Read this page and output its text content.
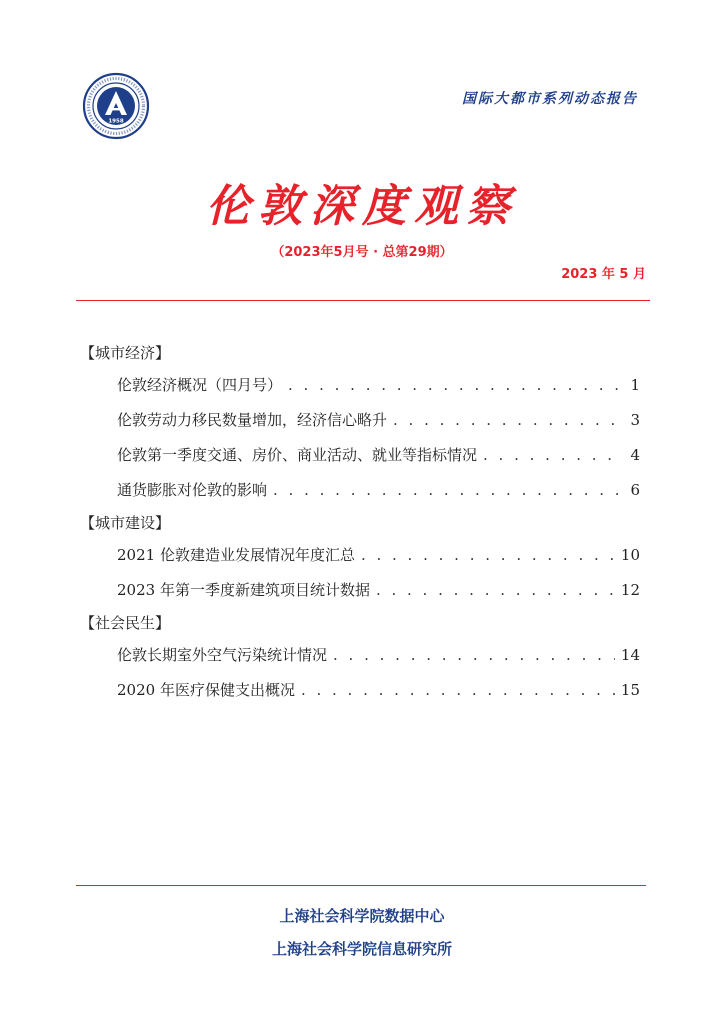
1958
国际大都市系列动态报告
伦敦深度观察
（2023年5月号 · 总第29期）
2023 年 5 月
【城市经济】
伦敦经济概况（四月号） . . .	1
伦敦劳动力移民数量增加，经济信心略升 . . .	3
伦敦第一季度交通、房价、商业活动、就业等指标情况 . . .	4
通货膨胀对伦敦的影响 . . .	6
【城市建设】
2021 伦敦建造业发展情况年度汇总 . . .	10
2023 年第一季度新建筑项目统计数据 . . .	12
【社会民生】
伦敦长期室外空气污染统计情况 . . .	14
2020 年医疗保健支出概况 . . .	15
上海社会科学院数据中心
上海社会科学院信息研究所
